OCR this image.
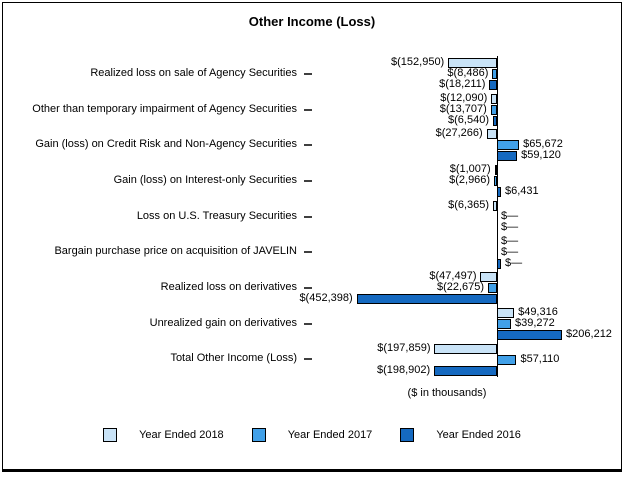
Other Income (Loss)
Realized loss on sale of Agency Securities
$(152,950)
$(8,486)
$(18,211)
Other than temporary impairment of Agency Securities
$(12,090)
$(13,707)
$(6,540)
Gain (loss) on Credit Risk and Non-Agency Securities
$(27,266)
$65,672
$59,120
Gain (loss) on Interest-only Securities
$(1,007)
$(2,966)
$6,431
Loss on U.S. Treasury Securities
$(6,365)
$—
$—
Bargain purchase price on acquisition of JAVELIN
$—
$—
$—
Realized loss on derivatives
$(47,497)
$(22,675)
$(452,398)
Unrealized gain on derivatives
$49,316
$39,272
$206,212
Total Other Income (Loss)
$(197,859)
$57,110
$(198,902)
($ in thousands)
Year Ended 2018	Year Ended 2017	Year Ended 2016
